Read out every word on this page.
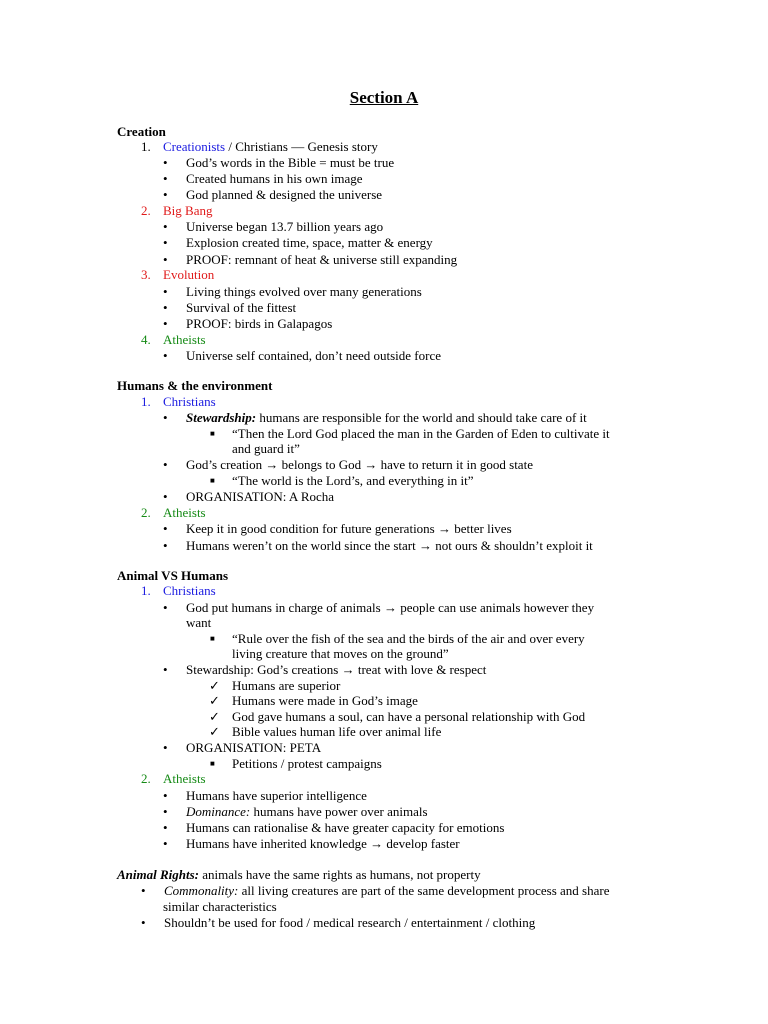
Section A
Creation
1. Creationists / Christians — Genesis story
• God’s words in the Bible = must be true
• Created humans in his own image
• God planned & designed the universe
2. Big Bang
• Universe began 13.7 billion years ago
• Explosion created time, space, matter & energy
• PROOF: remnant of heat & universe still expanding
3. Evolution
• Living things evolved over many generations
• Survival of the fittest
• PROOF: birds in Galapagos
4. Atheists
• Universe self contained, don’t need outside force
Humans & the environment
1. Christians
• Stewardship: humans are responsible for the world and should take care of it
■ “Then the Lord God placed the man in the Garden of Eden to cultivate it
and guard it”
• God’s creation → belongs to God → have to return it in good state
■ “The world is the Lord’s, and everything in it”
• ORGANISATION: A Rocha
2. Atheists
• Keep it in good condition for future generations → better lives
• Humans weren’t on the world since the start → not ours & shouldn’t exploit it
Animal VS Humans
1. Christians
• God put humans in charge of animals → people can use animals however they
want
■ “Rule over the fish of the sea and the birds of the air and over every
living creature that moves on the ground”
• Stewardship: God’s creations → treat with love & respect
✓ Humans are superior
✓ Humans were made in God’s image
✓ God gave humans a soul, can have a personal relationship with God
✓ Bible values human life over animal life
• ORGANISATION: PETA
■ Petitions / protest campaigns
2. Atheists
• Humans have superior intelligence
• Dominance: humans have power over animals
• Humans can rationalise & have greater capacity for emotions
• Humans have inherited knowledge → develop faster
Animal Rights: animals have the same rights as humans, not property
• Commonality: all living creatures are part of the same development process and share
similar characteristics
• Shouldn’t be used for food / medical research / entertainment / clothing
